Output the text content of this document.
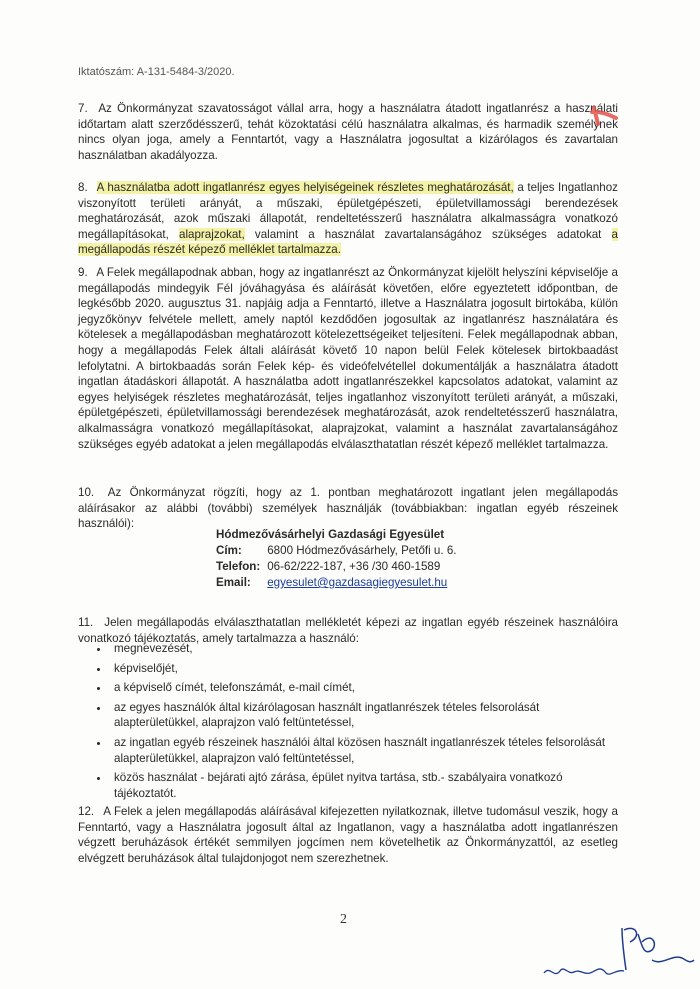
Iktatószám: A-131-5484-3/2020.
7. Az Önkormányzat szavatosságot vállal arra, hogy a használatra átadott ingatlanrész a használati időtartam alatt szerződésszerű, tehát közoktatási célú használatra alkalmas, és harmadik személynek nincs olyan joga, amely a Fenntartót, vagy a Használatra jogosultat a kizárólagos és zavartalan használatban akadályozza.
8. A használatba adott ingatlanrész egyes helyiségeinek részletes meghatározását, a teljes Ingatlanhoz viszonyított területi arányát, a műszaki, épületgépészeti, épületvillamossági berendezések meghatározását, azok műszaki állapotát, rendeltetésszerű használatra alkalmasságra vonatkozó megállapításokat, alaprajzokat, valamint a használat zavartalanságához szükséges adatokat a megállapodás részét képező melléklet tartalmazza.
9. A Felek megállapodnak abban, hogy az ingatlanrészt az Önkormányzat kijelölt helyszíni képviselője a megállapodás mindegyik Fél jóváhagyása és aláírását követően, előre egyeztetett időpontban, de legkésőbb 2020. augusztus 31. napjáig adja a Fenntartó, illetve a Használatra jogosult birtokába, külön jegyzőkönyv felvétele mellett, amely naptól kezdődően jogosultak az ingatlanrész használatára és kötelesek a megállapodásban meghatározott kötelezettségeiket teljesíteni. Felek megállapodnak abban, hogy a megállapodás Felek általi aláírását követő 10 napon belül Felek kötelesek birtokbaadást lefolytatni. A birtokbaadás során Felek kép- és videófelvétellel dokumentálják a használatra átadott ingatlan átadáskori állapotát. A használatba adott ingatlanrészekkel kapcsolatos adatokat, valamint az egyes helyiségek részletes meghatározását, teljes ingatlanhoz viszonyított területi arányát, a műszaki, épületgépészeti, épületvillamossági berendezések meghatározását, azok rendeltetésszerű használatra, alkalmasságra vonatkozó megállapításokat, alaprajzokat, valamint a használat zavartalanságához szükséges egyéb adatokat a jelen megállapodás elválaszthatatlan részét képező melléklet tartalmazza.
10. Az Önkormányzat rögzíti, hogy az 1. pontban meghatározott ingatlant jelen megállapodás aláírásakor az alábbi (további) személyek használják (továbbiakban: ingatlan egyéb részeinek használói):
Hódmezővásárhelyi Gazdasági Egyesület
Cím: 6800 Hódmezővásárhely, Petőfi u. 6.
Telefon: 06-62/222-187, +36 /30 460-1589
Email: egyesulet@gazdasagiegyesulet.hu
11. Jelen megállapodás elválaszthatatlan mellékletét képezi az ingatlan egyéb részeinek használóira vonatkozó tájékoztatás, amely tartalmazza a használó:
• megnevezését,
• képviselőjét,
• a képviselő címét, telefonszámát, e-mail címét,
• az egyes használók által kizárólagosan használt ingatlanrészek tételes felsorolását alapterületükkel, alaprajzon való feltüntetéssel,
• az ingatlan egyéb részeinek használói által közösen használt ingatlanrészek tételes felsorolását alapterületükkel, alaprajzon való feltüntetéssel,
• közös használat - bejárati ajtó zárása, épület nyitva tartása, stb.- szabályaira vonatkozó tájékoztatót.
12. A Felek a jelen megállapodás aláírásával kifejezetten nyilatkoznak, illetve tudomásul veszik, hogy a Fenntartó, vagy a Használatra jogosult által az Ingatlanon, vagy a használatba adott ingatlanrészen végzett beruházások értékét semmilyen jogcímen nem követelhetik az Önkormányzattól, az esetleg elvégzett beruházások által tulajdonjogot nem szerezhetnek.
2
